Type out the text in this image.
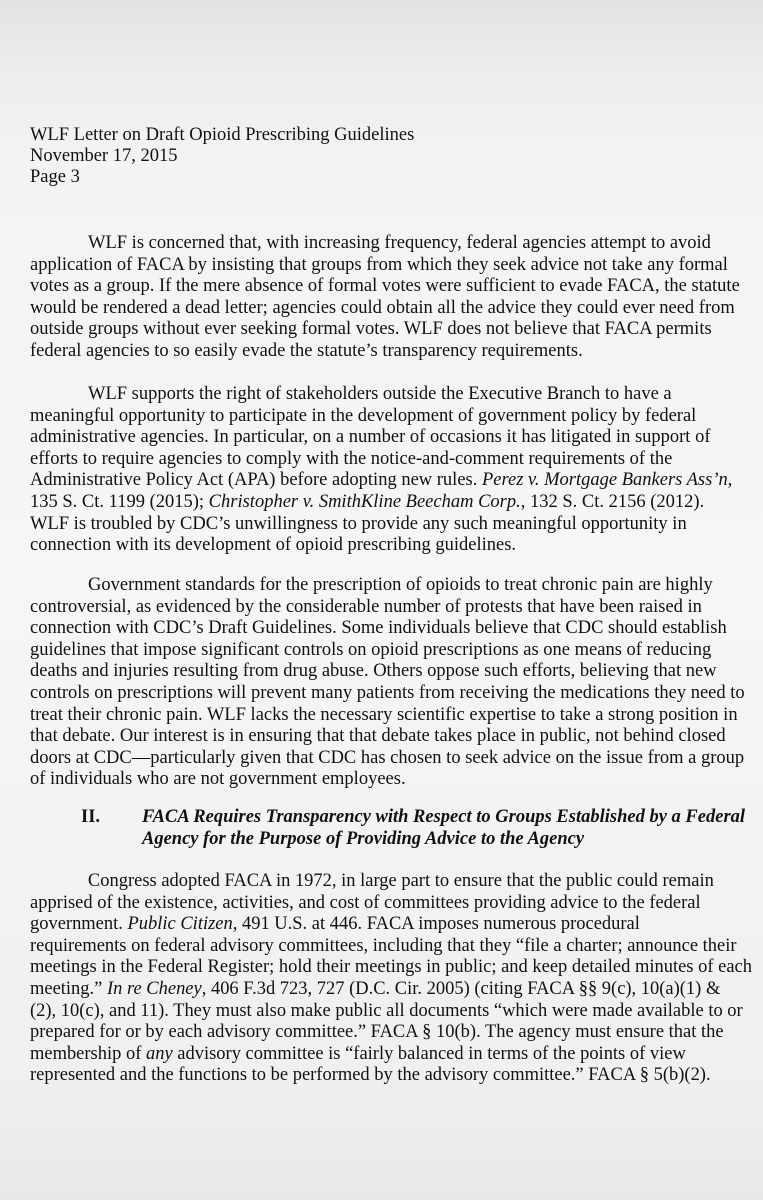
WLF Letter on Draft Opioid Prescribing Guidelines
November 17, 2015
Page 3
WLF is concerned that, with increasing frequency, federal agencies attempt to avoid
application of FACA by insisting that groups from which they seek advice not take any formal
votes as a group. If the mere absence of formal votes were sufficient to evade FACA, the statute
would be rendered a dead letter; agencies could obtain all the advice they could ever need from
outside groups without ever seeking formal votes. WLF does not believe that FACA permits
federal agencies to so easily evade the statute’s transparency requirements.
WLF supports the right of stakeholders outside the Executive Branch to have a
meaningful opportunity to participate in the development of government policy by federal
administrative agencies. In particular, on a number of occasions it has litigated in support of
efforts to require agencies to comply with the notice-and-comment requirements of the
Administrative Policy Act (APA) before adopting new rules. Perez v. Mortgage Bankers Ass’n,
135 S. Ct. 1199 (2015); Christopher v. SmithKline Beecham Corp., 132 S. Ct. 2156 (2012).
WLF is troubled by CDC’s unwillingness to provide any such meaningful opportunity in
connection with its development of opioid prescribing guidelines.
Government standards for the prescription of opioids to treat chronic pain are highly
controversial, as evidenced by the considerable number of protests that have been raised in
connection with CDC’s Draft Guidelines. Some individuals believe that CDC should establish
guidelines that impose significant controls on opioid prescriptions as one means of reducing
deaths and injuries resulting from drug abuse. Others oppose such efforts, believing that new
controls on prescriptions will prevent many patients from receiving the medications they need to
treat their chronic pain. WLF lacks the necessary scientific expertise to take a strong position in
that debate. Our interest is in ensuring that that debate takes place in public, not behind closed
doors at CDC—particularly given that CDC has chosen to seek advice on the issue from a group
of individuals who are not government employees.
II.	FACA Requires Transparency with Respect to Groups Established by a Federal
Agency for the Purpose of Providing Advice to the Agency
Congress adopted FACA in 1972, in large part to ensure that the public could remain
apprised of the existence, activities, and cost of committees providing advice to the federal
government. Public Citizen, 491 U.S. at 446. FACA imposes numerous procedural
requirements on federal advisory committees, including that they “file a charter; announce their
meetings in the Federal Register; hold their meetings in public; and keep detailed minutes of each
meeting.” In re Cheney, 406 F.3d 723, 727 (D.C. Cir. 2005) (citing FACA §§ 9(c), 10(a)(1) &
(2), 10(c), and 11). They must also make public all documents “which were made available to or
prepared for or by each advisory committee.” FACA § 10(b). The agency must ensure that the
membership of any advisory committee is “fairly balanced in terms of the points of view
represented and the functions to be performed by the advisory committee.” FACA § 5(b)(2).
